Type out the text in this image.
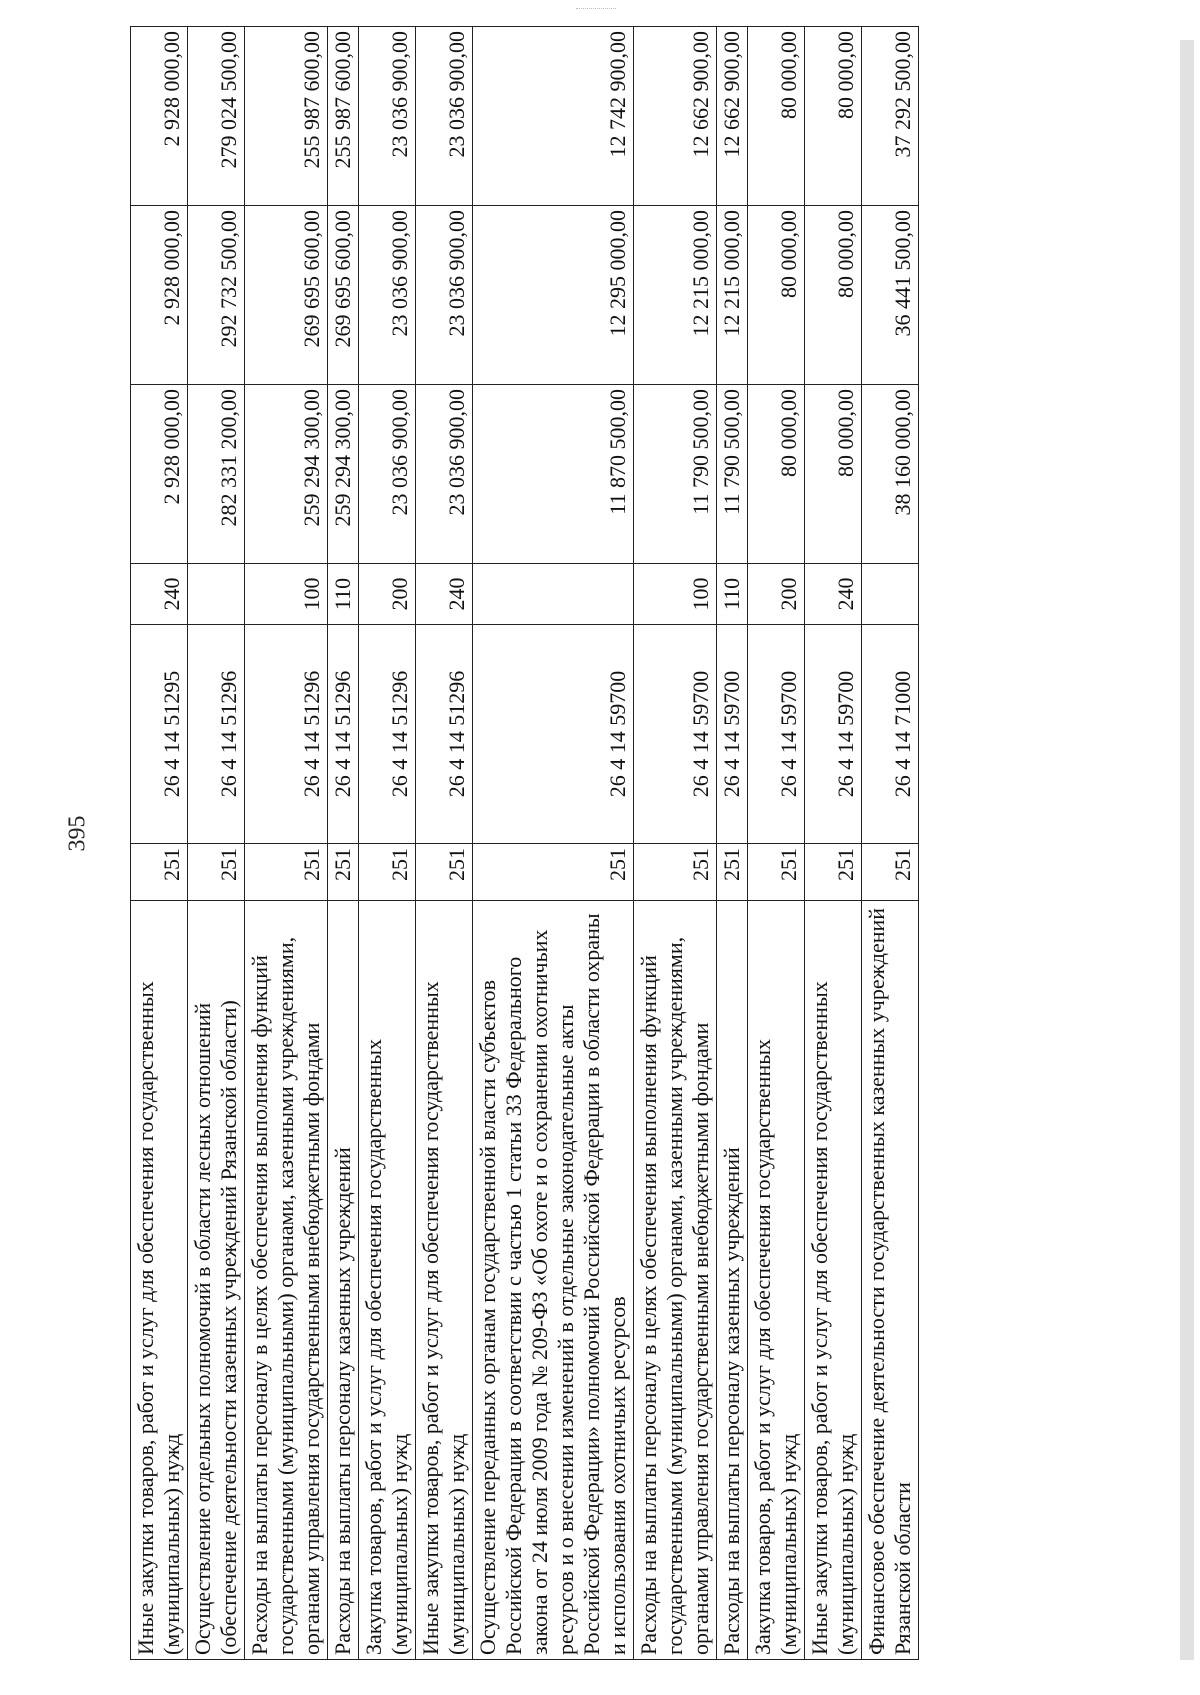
395
Иные закупки товаров, работ и услуг для обеспечения государственных (муниципальных) нужд	251	26 4 14 51295	240	2 928 000,00	2 928 000,00	2 928 000,00
Осуществление отдельных полномочий в области лесных отношений (обеспечение деятельности казенных учреждений Рязанской области)	251	26 4 14 51296		282 331 200,00	292 732 500,00	279 024 500,00
Расходы на выплаты персоналу в целях обеспечения выполнения функций государственными (муниципальными) органами, казенными учреждениями, органами управления государственными внебюджетными фондами	251	26 4 14 51296	100	259 294 300,00	269 695 600,00	255 987 600,00
Расходы на выплаты персоналу казенных учреждений	251	26 4 14 51296	110	259 294 300,00	269 695 600,00	255 987 600,00
Закупка товаров, работ и услуг для обеспечения государственных (муниципальных) нужд	251	26 4 14 51296	200	23 036 900,00	23 036 900,00	23 036 900,00
Иные закупки товаров, работ и услуг для обеспечения государственных (муниципальных) нужд	251	26 4 14 51296	240	23 036 900,00	23 036 900,00	23 036 900,00
Осуществление переданных органам государственной власти субъектов Российской Федерации в соответствии с частью 1 статьи 33 Федерального закона от 24 июля 2009 года № 209-ФЗ «Об охоте и о сохранении охотничьих ресурсов и о внесении изменений в отдельные законодательные акты Российской Федерации» полномочий Российской Федерации в области охраны и использования охотничьих ресурсов	251	26 4 14 59700		11 870 500,00	12 295 000,00	12 742 900,00
Расходы на выплаты персоналу в целях обеспечения выполнения функций государственными (муниципальными) органами, казенными учреждениями, органами управления государственными внебюджетными фондами	251	26 4 14 59700	100	11 790 500,00	12 215 000,00	12 662 900,00
Расходы на выплаты персоналу казенных учреждений	251	26 4 14 59700	110	11 790 500,00	12 215 000,00	12 662 900,00
Закупка товаров, работ и услуг для обеспечения государственных (муниципальных) нужд	251	26 4 14 59700	200	80 000,00	80 000,00	80 000,00
Иные закупки товаров, работ и услуг для обеспечения государственных (муниципальных) нужд	251	26 4 14 59700	240	80 000,00	80 000,00	80 000,00
Финансовое обеспечение деятельности государственных казенных учреждений Рязанской области	251	26 4 14 71000		38 160 000,00	36 441 500,00	37 292 500,00
